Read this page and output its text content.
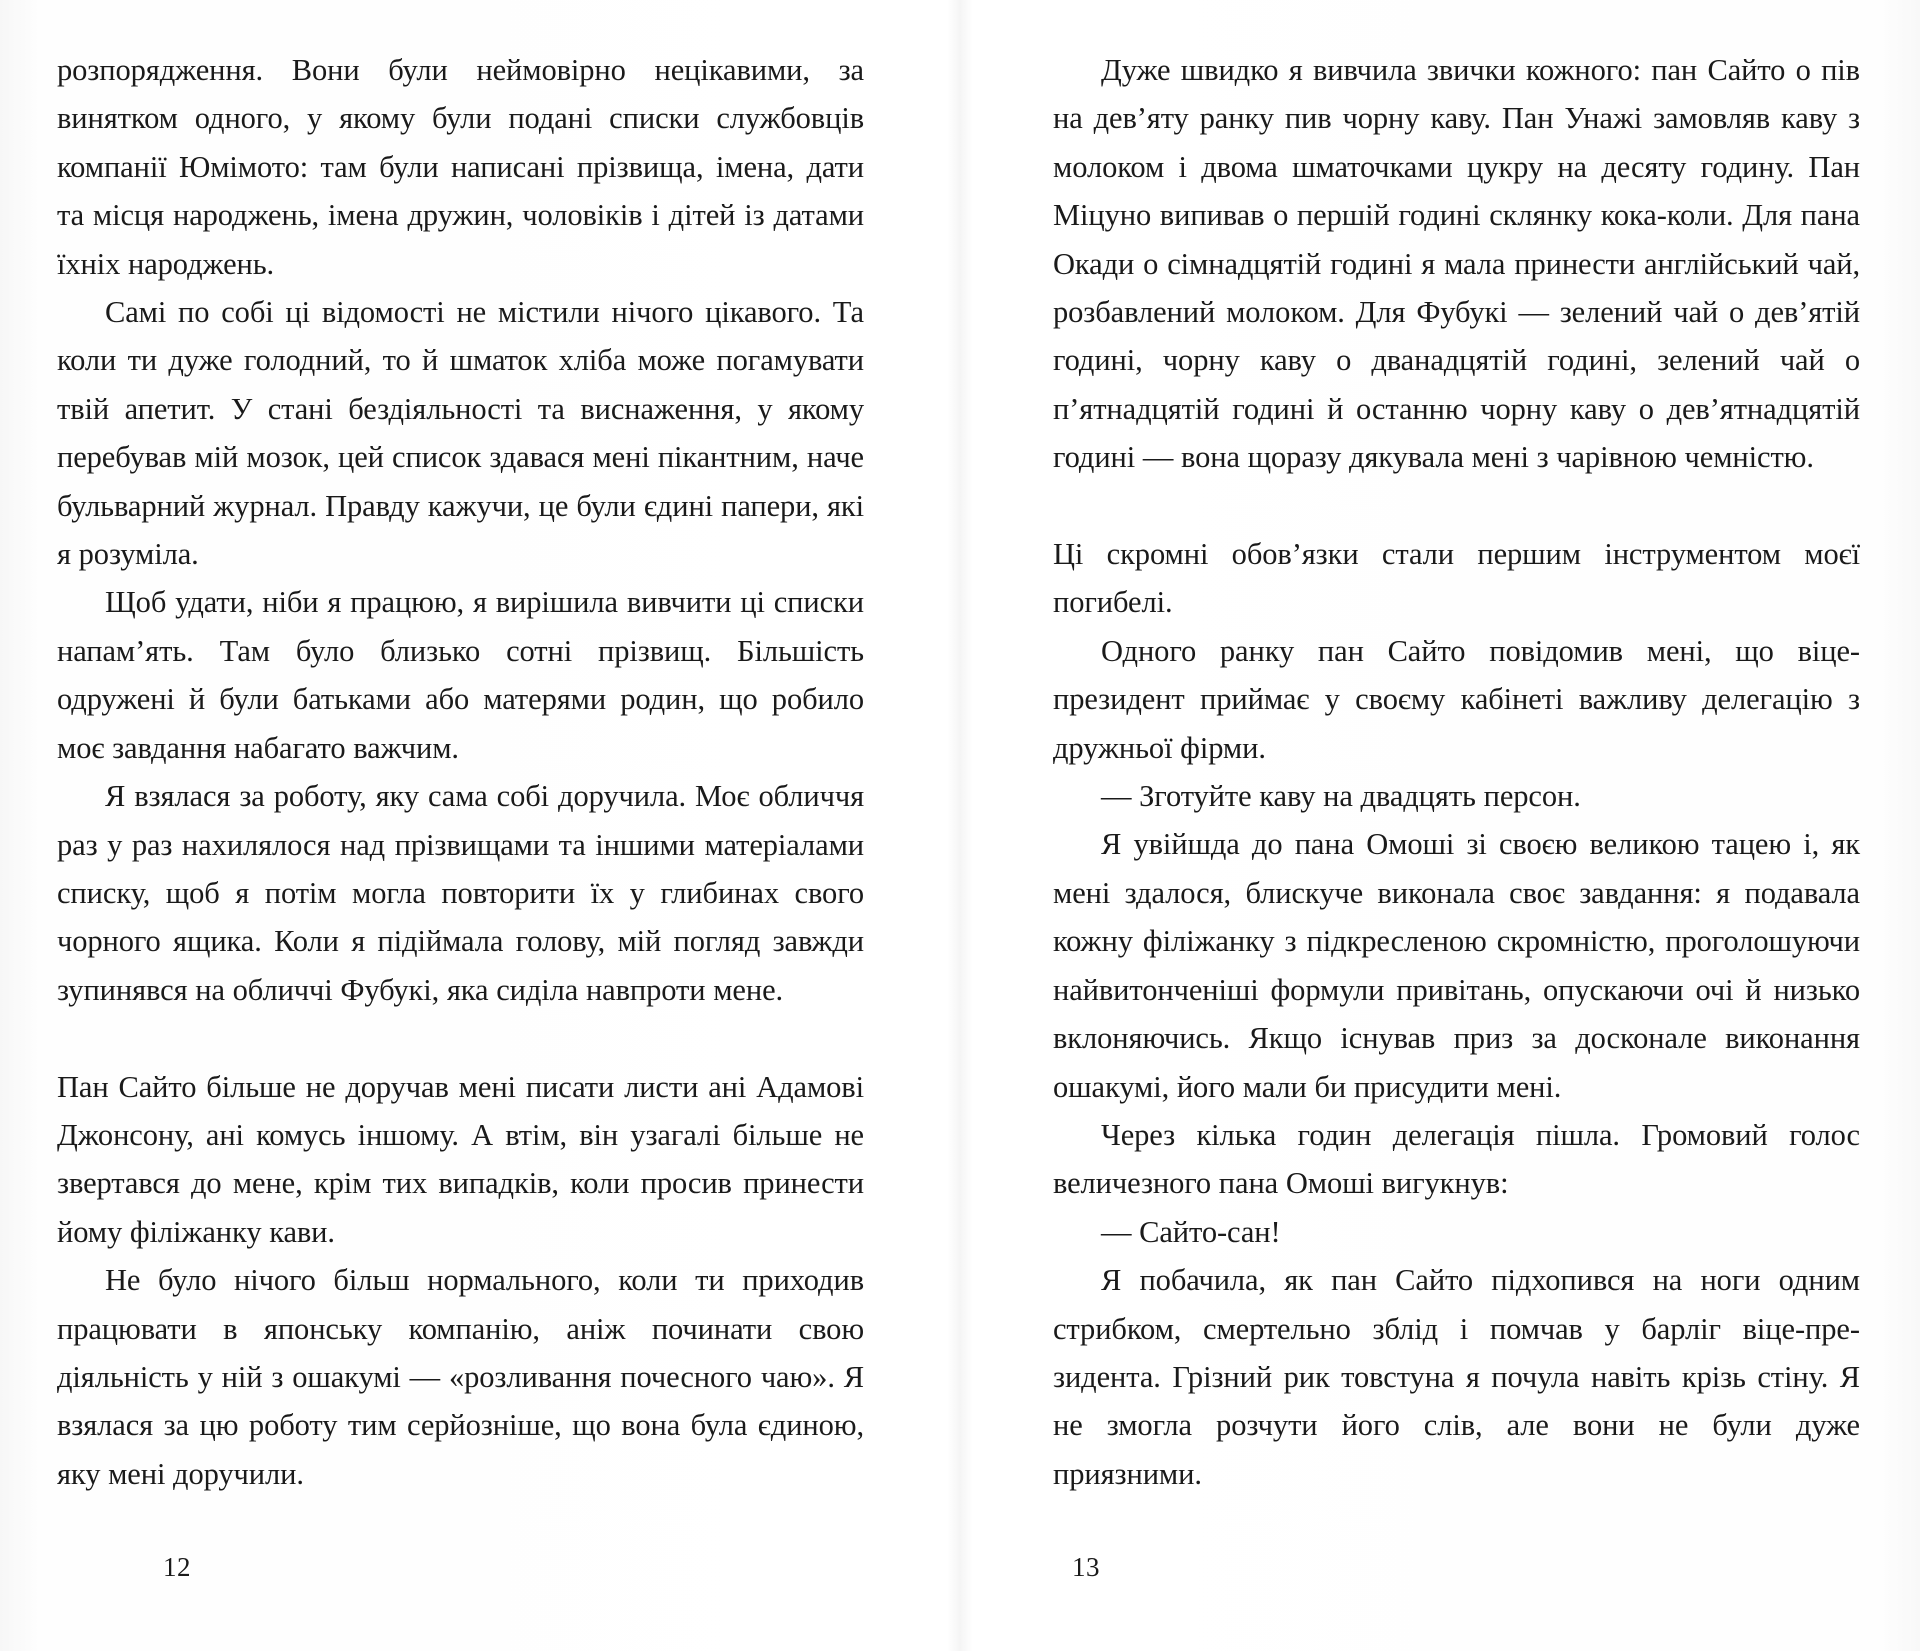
розпорядження. Вони були неймовірно нецікавими, за винятком одного, у якому були подані списки службовців компанії Юмімото: там були написані прізвища, імена, дати та місця народжень, імена дружин, чоловіків і дітей із датами їхніх народжень.

Самі по собі ці відомості не містили нічого цікавого. Та коли ти дуже голодний, то й шматок хліба може погамувати твій апетит. У стані бездіяльності та виснаження, у якому перебував мій мозок, цей список здавася мені пікантним, наче бульварний журнал. Правду кажучи, це були єдині папери, які я розуміла.

Щоб удати, ніби я працюю, я вирішила вивчити ці списки напам’ять. Там було близько сотні прізвищ. Більшість одружені й були батьками або матерями родин, що робило моє завдання набагато важчим.

Я взялася за роботу, яку сама собі доручила. Моє обличчя раз у раз нахилялося над прізвищами та іншими матеріалами списку, щоб я потім могла повторити їх у глибинах свого чорного ящика. Коли я підіймала голову, мій погляд завжди зупинявся на обличчі Фубукі, яка сиділа навпроти мене.

Пан Сайто більше не доручав мені писати листи ані Адамові Джонсону, ані комусь іншому. А втім, він узагалі більше не звертався до мене, крім тих випадків, коли просив принести йому філіжанку кави.

Не було нічого більш нормального, коли ти приходив працювати в японську компанію, аніж починати свою діяльність у ній з ошакумі — «розливання почесного чаю». Я взялася за цю роботу тим серйозніше, що вона була єдиною, яку мені доручили.

12

Дуже швидко я вивчила звички кожного: пан Сайто о пів на дев’яту ранку пив чорну каву. Пан Унажі замовляв каву з молоком і двома шматочками цукру на десяту годину. Пан Міцуно випивав о першій годині склянку кока-коли. Для пана Окади о сімнадцятій годині я мала принести англійський чай, розбавлений молоком. Для Фубукі — зелений чай о дев’ятій годині, чорну каву о дванадцятій годині, зелений чай о п’ятнадцятій годині й останню чорну каву о дев’ятнадцятій годині — вона щоразу дякувала мені з чарівною чемністю.

Ці скромні обов’язки стали першим інструментом моєї погибелі.

Одного ранку пан Сайто повідомив мені, що віце-президент приймає у своєму кабінеті важливу делегацію з дружньої фірми.

— Зготуйте каву на двадцять персон.

Я увійшда до пана Омоші зі своєю великою тацею і, як мені здалося, блискуче виконала своє завдання: я подавала кожну філіжанку з підкресленою скромністю, проголошуючи найвитонченіші формули привітань, опускаючи очі й низько вклоняючись. Якщо існував приз за досконале виконання ошакумі, його мали би присудити мені.

Через кілька годин делегація пішла. Громовий голос величезного пана Омоші вигукнув:

— Сайто-сан!

Я побачила, як пан Сайто підхопився на ноги одним стрибком, смертельно зблід і помчав у барліг віце-президента. Грізний рик товстуна я почула навіть крізь стіну. Я не змогла розчути його слів, але вони не були дуже приязними.

13
